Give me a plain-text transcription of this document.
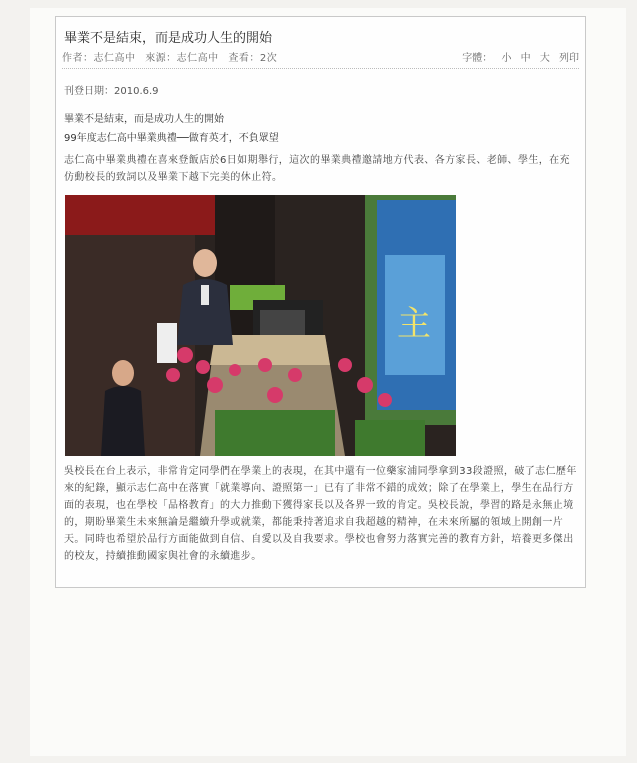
畢業不是結束，而是成功人生的開始
作者：志仁高中 來源：志仁高中 查看：2次	字體： 小 中 大 列印
刊登日期：2010.6.9
畢業不是結束，而是成功人生的開始
99年度志仁高中畢業典禮──做育英才，不負眾望
志仁高中畢業典禮在喜來登飯店於6日如期舉行，這次的畢業典禮邀請地方代表、各方家長、老師、學生，在充仿動校長的致詞以及畢業下越下完美的休止符。
主
吳校長在台上表示，非常肯定同學們在學業上的表現，在其中還有一位藥家浦同學拿到33段證照，破了志仁歷年來的紀錄，顯示志仁高中在落實「就業導向、證照第一」已有了非常不錯的成效；除了在學業上，學生在品行方面的表現，也在學校「品格教育」的大力推動下獲得家長以及各界一致的肯定。吳校長說，學習的路是永無止境的，期盼畢業生未來無論是繼續升學或就業，都能秉持著追求自我超越的精神，在未來所屬的領域上開創一片天。同時也希望於品行方面能做到自信、自愛以及自我要求。學校也會努力落實完善的教育方針，培養更多傑出的校友，持續推動國家與社會的永續進步。
